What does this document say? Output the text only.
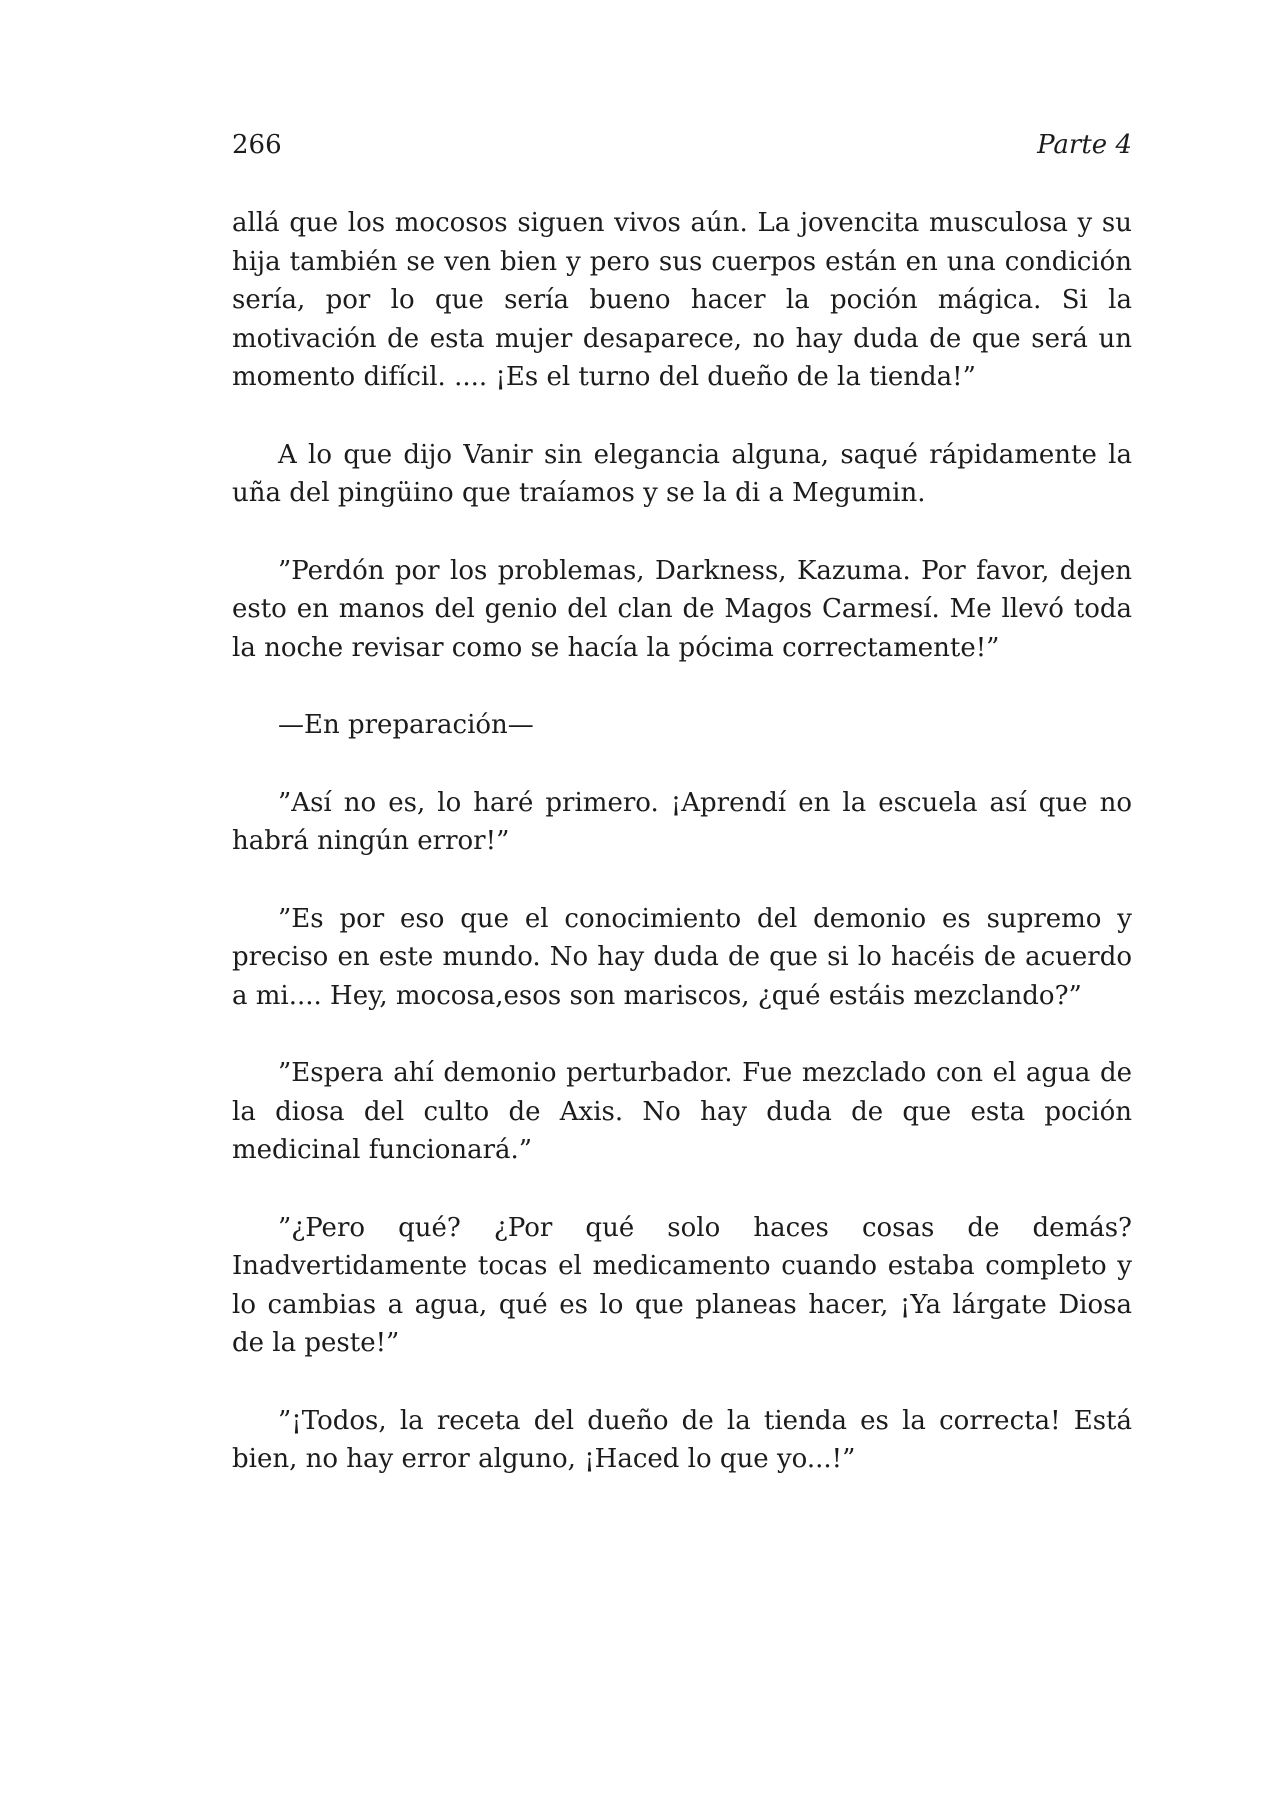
266	Parte 4

allá que los mocosos siguen vivos aún. La jovencita musculosa y su hija también se ven bien y pero sus cuerpos están en una condición sería, por lo que sería bueno hacer la poción mágica. Si la motivación de esta mujer desaparece, no hay duda de que será un momento difícil. .... ¡Es el turno del dueño de la tienda!”

A lo que dijo Vanir sin elegancia alguna, saqué rápidamente la uña del pingüino que traíamos y se la di a Megumin.

”Perdón por los problemas, Darkness, Kazuma. Por favor, dejen esto en manos del genio del clan de Magos Carmesí. Me llevó toda la noche revisar como se hacía la pócima correctamente!”

—En preparación—

”Así no es, lo haré primero. ¡Aprendí en la escuela así que no habrá ningún error!”

”Es por eso que el conocimiento del demonio es supremo y preciso en este mundo. No hay duda de que si lo hacéis de acuerdo a mi.... Hey, mocosa,esos son mariscos, ¿qué estáis mezclando?”

”Espera ahí demonio perturbador. Fue mezclado con el agua de la diosa del culto de Axis. No hay duda de que esta poción medicinal funcionará.”

”¿Pero qué? ¿Por qué solo haces cosas de demás? Inadvertidamente tocas el medicamento cuando estaba completo y lo cambias a agua, qué es lo que planeas hacer, ¡Ya lárgate Diosa de la peste!”

”¡Todos, la receta del dueño de la tienda es la correcta! Está bien, no hay error alguno, ¡Haced lo que yo...!”
